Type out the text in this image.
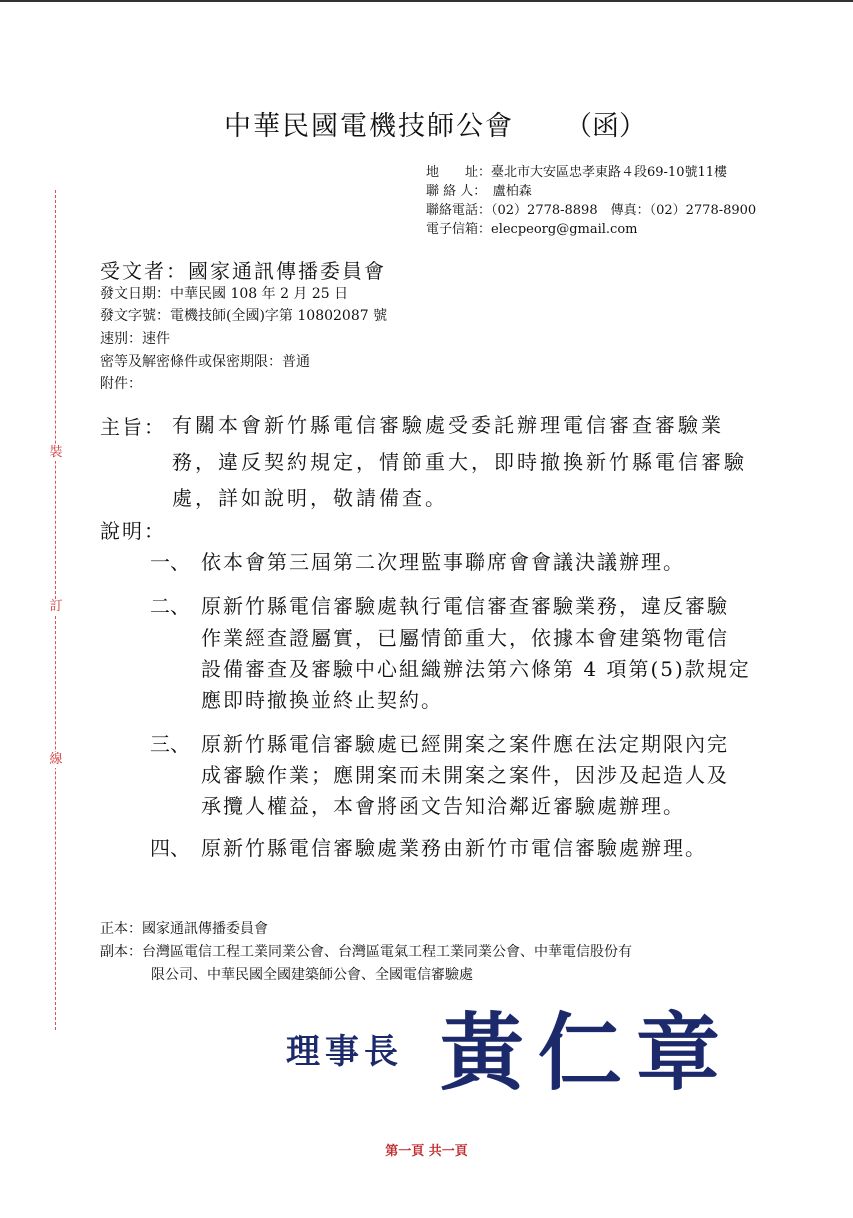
裝
訂
線
中華民國電機技師公會 （函）
地　　址：臺北市大安區忠孝東路４段69-10號11樓
聯 絡 人：　盧柏森
聯絡電話：（02）2778-8898　傳真：（02）2778-8900
電子信箱：elecpeorg@gmail.com
受文者：國家通訊傳播委員會
發文日期：中華民國 108 年 2 月 25 日
發文字號：電機技師(全國)字第 10802087 號
速別：速件
密等及解密條件或保密期限：普通
附件：
主旨： 有關本會新竹縣電信審驗處受委託辦理電信審查審驗業
務，違反契約規定，情節重大，即時撤換新竹縣電信審驗
處，詳如說明，敬請備查。
說明：
一、 依本會第三屆第二次理監事聯席會會議決議辦理。
二、 原新竹縣電信審驗處執行電信審查審驗業務，違反審驗
作業經查證屬實，已屬情節重大，依據本會建築物電信
設備審查及審驗中心組織辦法第六條第 4 項第(5)款規定
應即時撤換並終止契約。
三、 原新竹縣電信審驗處已經開案之案件應在法定期限內完
成審驗作業；應開案而未開案之案件，因涉及起造人及
承攬人權益，本會將函文告知洽鄰近審驗處辦理。
四、 原新竹縣電信審驗處業務由新竹市電信審驗處辦理。
正本：國家通訊傳播委員會
副本：台灣區電信工程工業同業公會、台灣區電氣工程工業同業公會、中華電信股份有
限公司、中華民國全國建築師公會、全國電信審驗處
理事長 黃仁章
第一頁 共一頁
